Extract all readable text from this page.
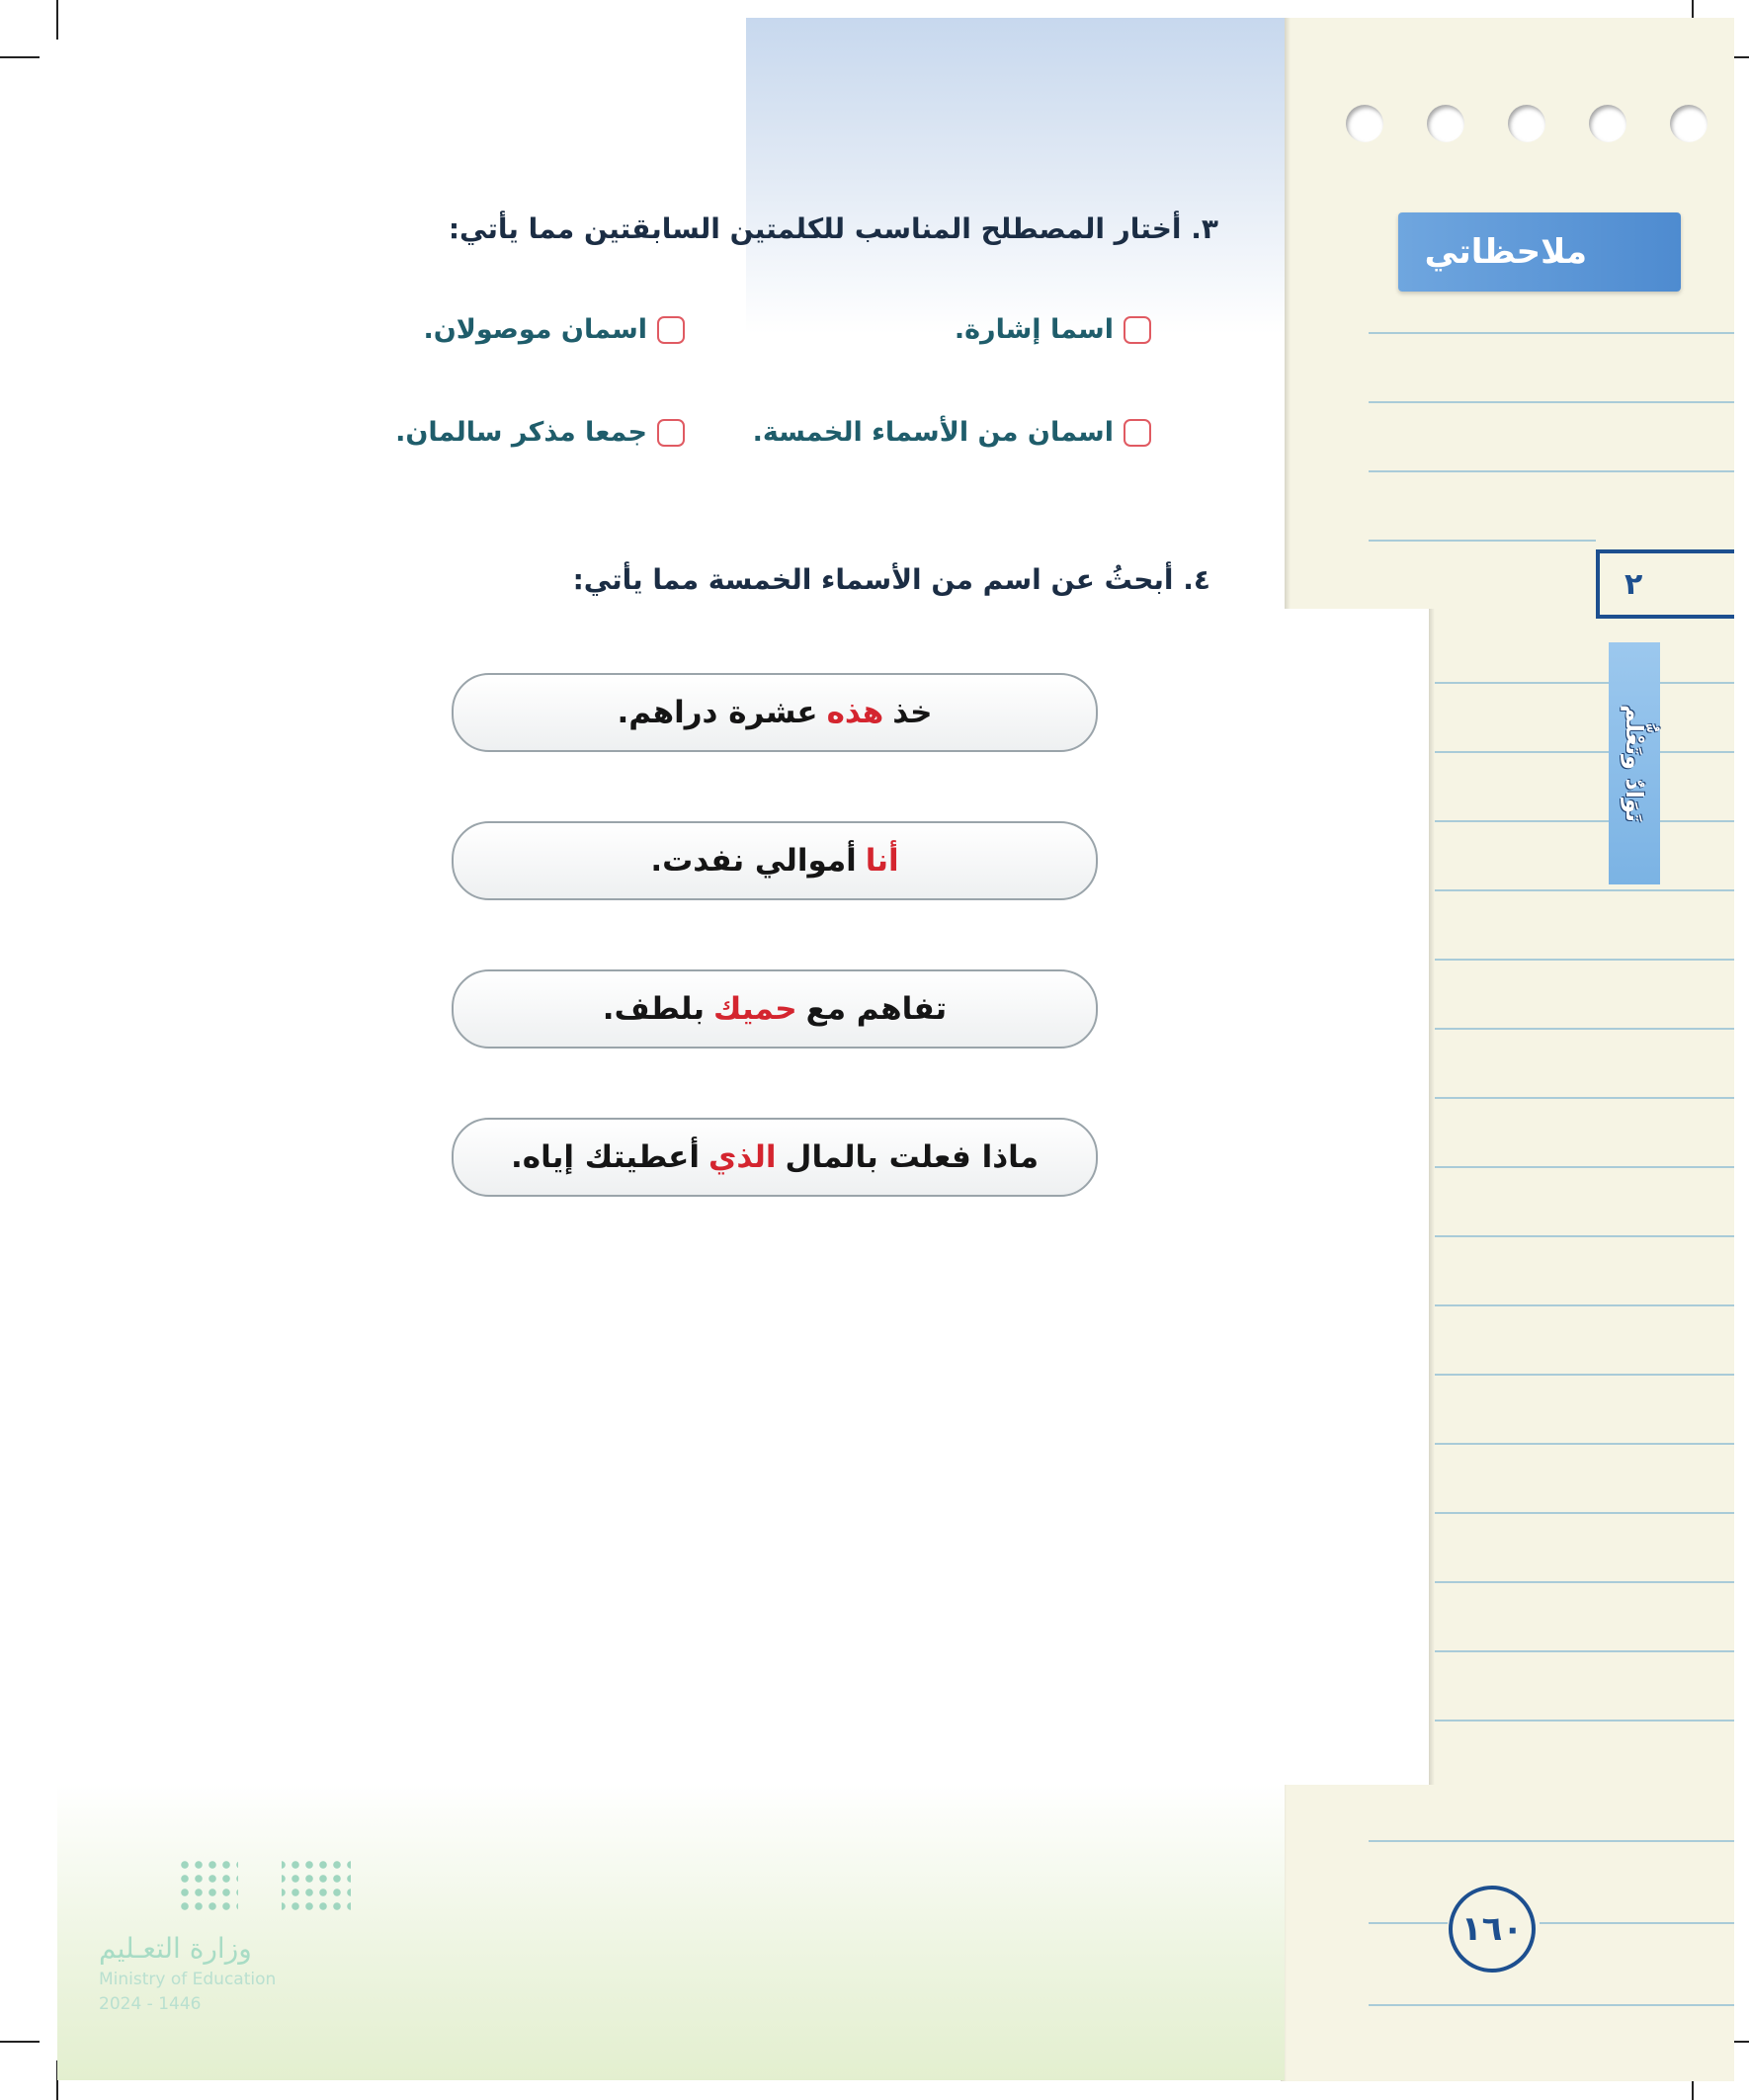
ملاحظاتي
٢
تَوَادٌ وتَعْلُّم
٣. أختار المصطلح المناسب للكلمتين السابقتين مما يأتي:
اسما إشارة.
اسمان موصولان.
اسمان من الأسماء الخمسة.
جمعا مذكر سالمان.
٤. أبحثُ عن اسم من الأسماء الخمسة مما يأتي:
خذ
هذه
عشرة دراهم.
أنا
أموالي نفدت.
تفاهم مع
حميك
بلطف.
ماذا فعلت بالمال
الذي
أعطيتك إياه.
وزارة التعـليم
Ministry of Education
2024 - 1446
١٦٠
